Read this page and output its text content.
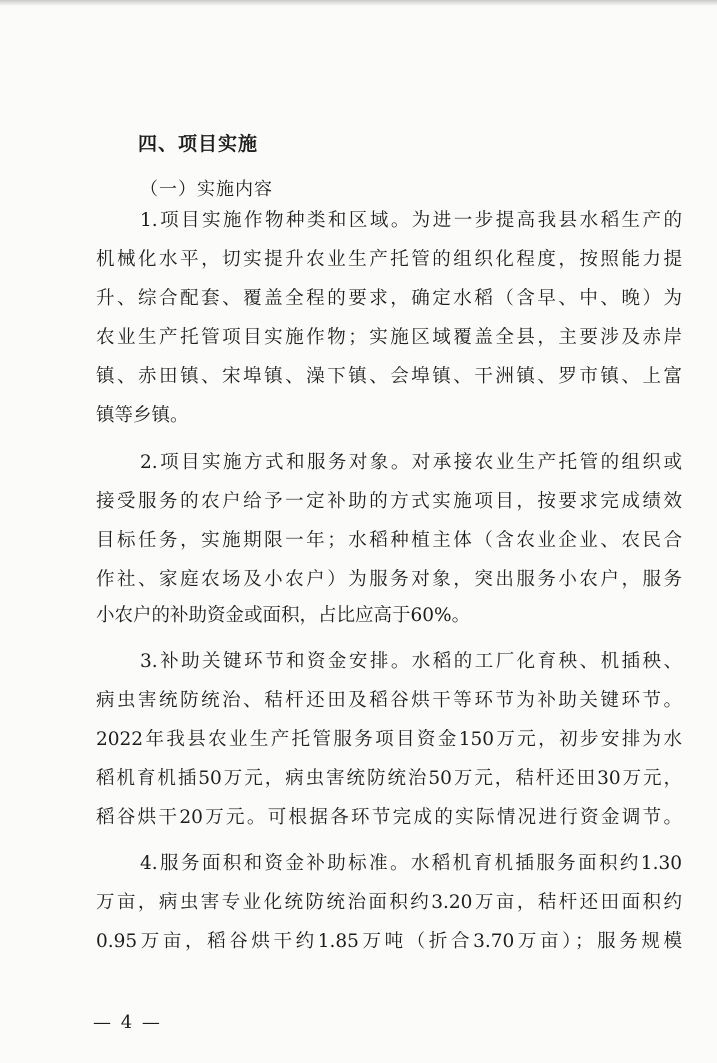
四、项目实施
（一）实施内容
1.项目实施作物种类和区域。为进一步提高我县水稻生产的
机械化水平，切实提升农业生产托管的组织化程度，按照能力提
升、综合配套、覆盖全程的要求，确定水稻（含早、中、晚）为
农业生产托管项目实施作物；实施区域覆盖全县，主要涉及赤岸
镇、赤田镇、宋埠镇、澡下镇、会埠镇、干洲镇、罗市镇、上富
镇等乡镇。
2.项目实施方式和服务对象。对承接农业生产托管的组织或
接受服务的农户给予一定补助的方式实施项目，按要求完成绩效
目标任务，实施期限一年；水稻种植主体（含农业企业、农民合
作社、家庭农场及小农户）为服务对象，突出服务小农户，服务
小农户的补助资金或面积，占比应高于60%。
3.补助关键环节和资金安排。水稻的工厂化育秧、机插秧、
病虫害统防统治、秸杆还田及稻谷烘干等环节为补助关键环节。
2022年我县农业生产托管服务项目资金150万元，初步安排为水
稻机育机插50万元，病虫害统防统治50万元，秸杆还田30万元，
稻谷烘干20万元。可根据各环节完成的实际情况进行资金调节。
4.服务面积和资金补助标准。水稻机育机插服务面积约1.30
万亩，病虫害专业化统防统治面积约3.20万亩，秸杆还田面积约
0.95万亩，稻谷烘干约1.85万吨（折合3.70万亩）；服务规模
— 4 —
